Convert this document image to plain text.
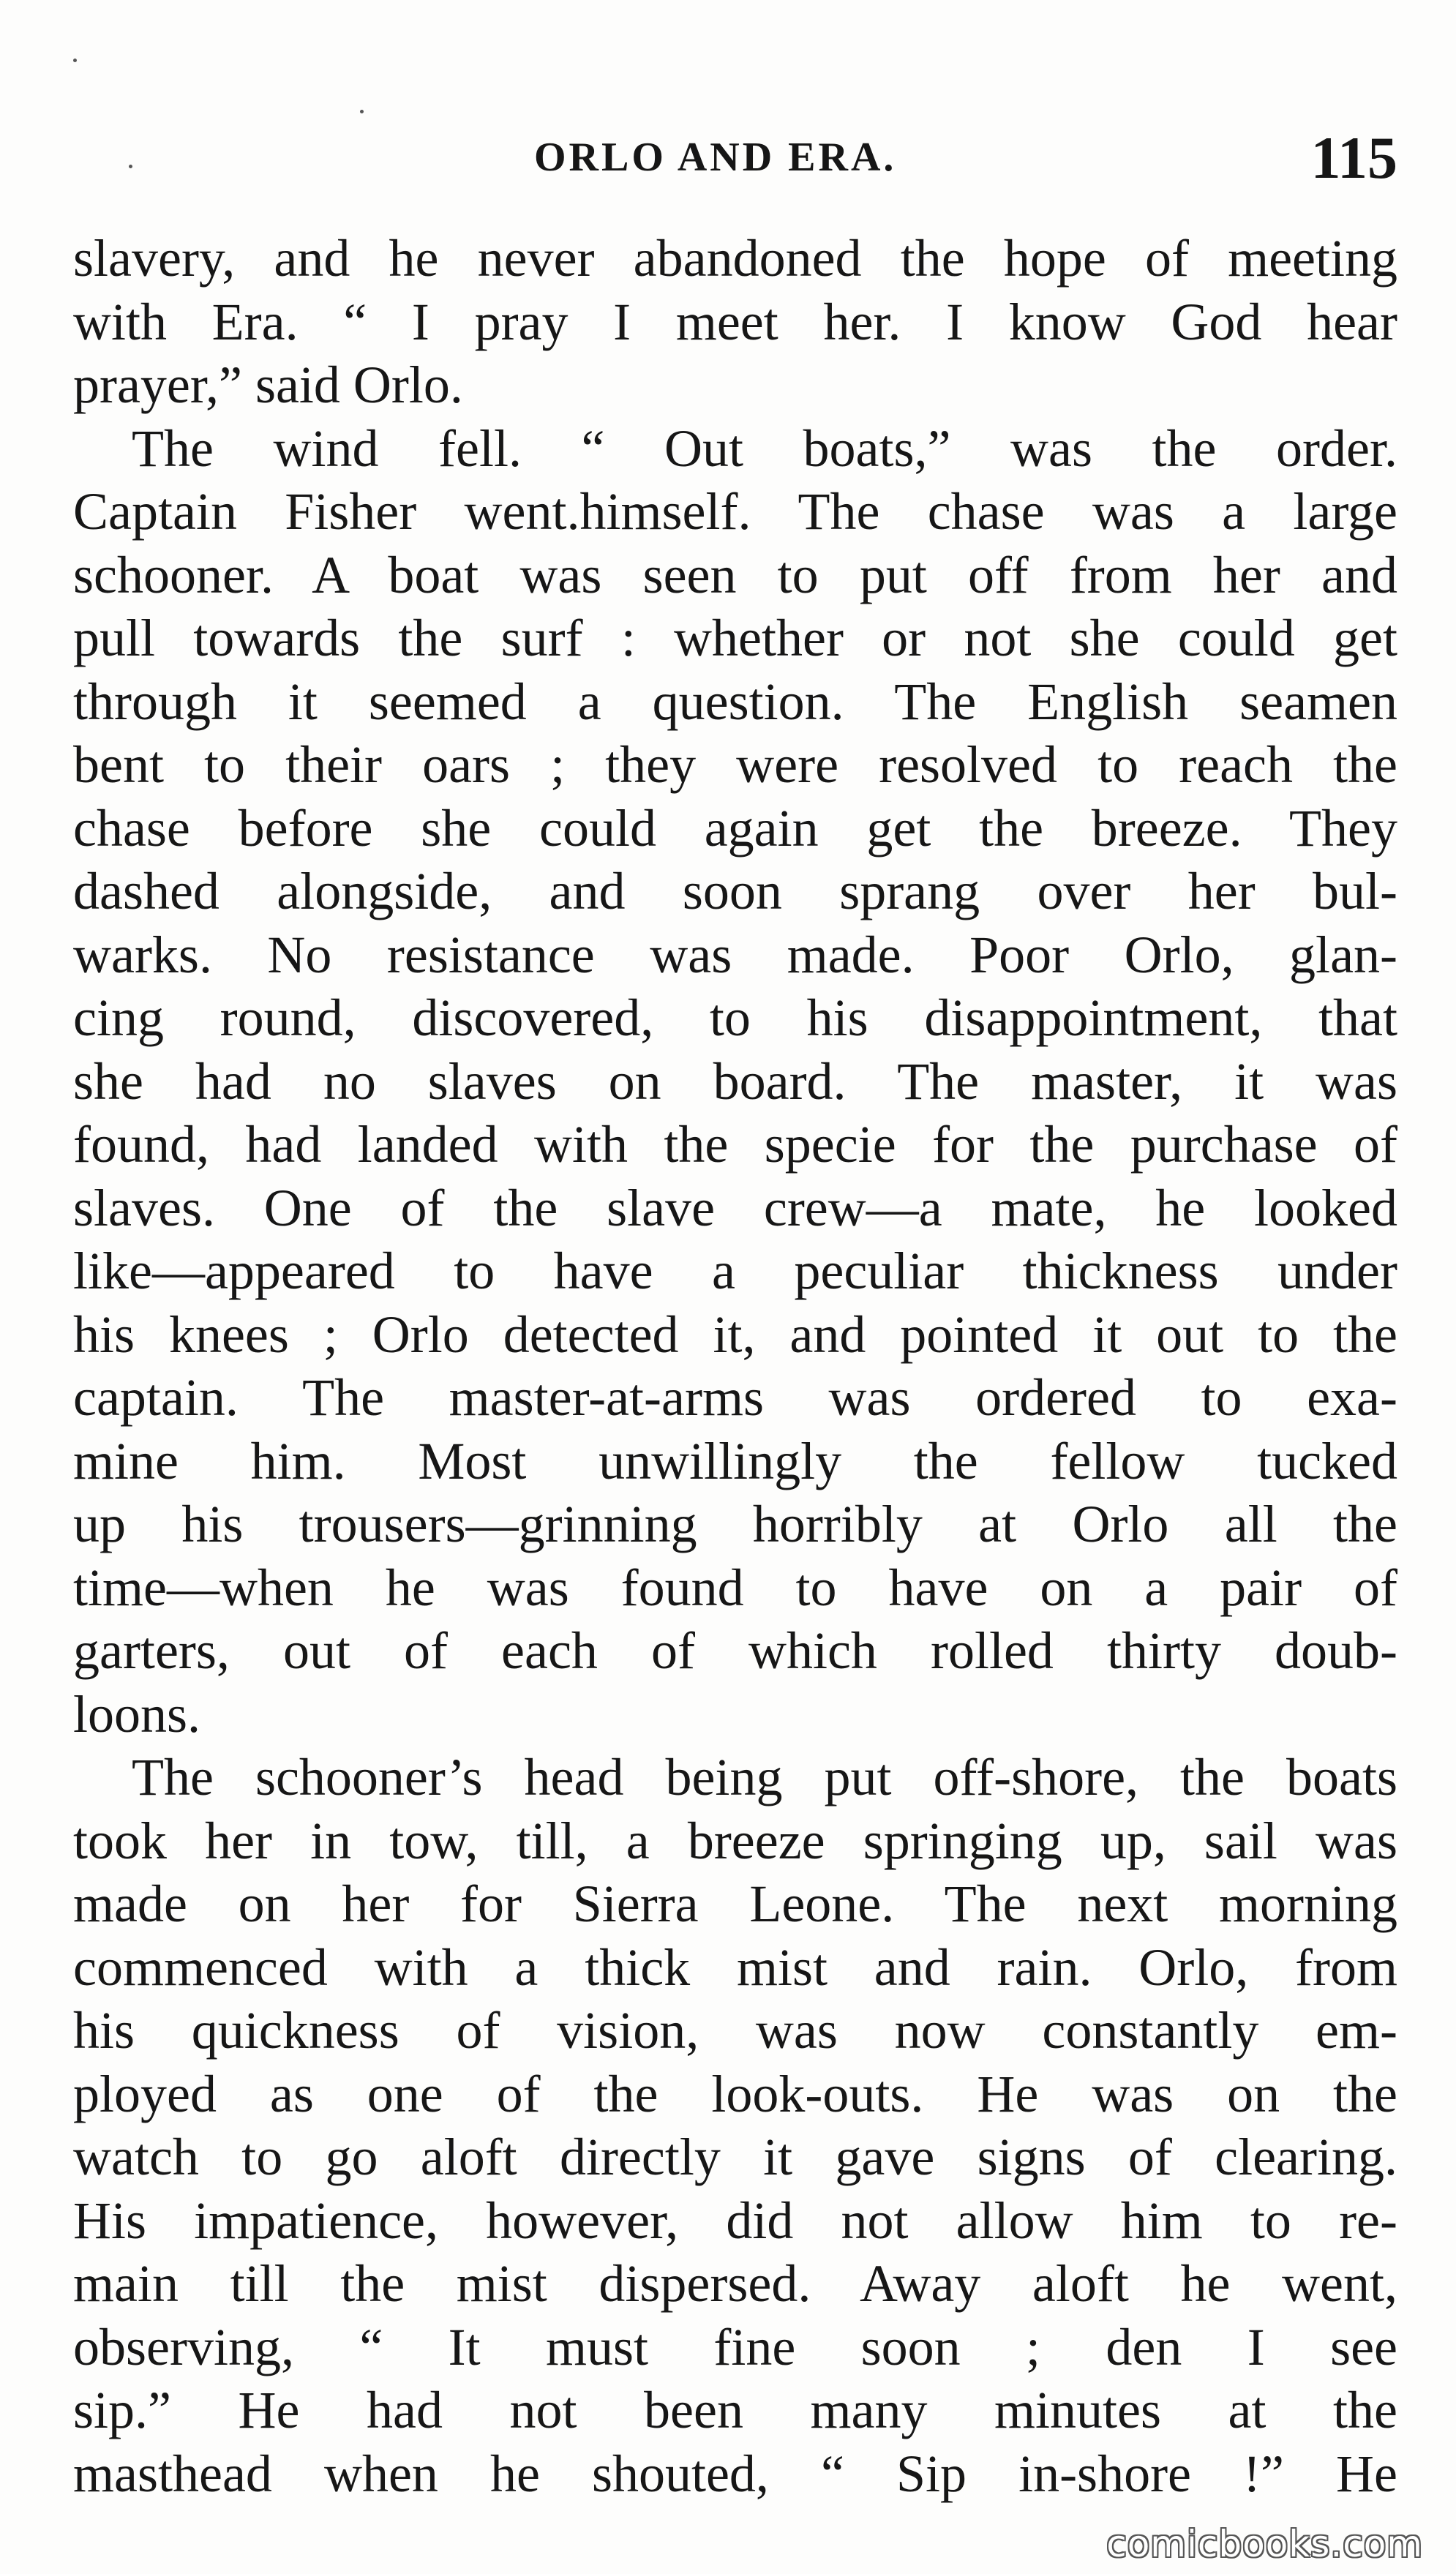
ORLO AND ERA.	115
slavery, and he never abandoned the hope of meeting
with Era. “ I pray I meet her. I know God hear
prayer,” said Orlo.
The wind fell. “ Out boats,” was the order.
Captain Fisher went.himself. The chase was a large
schooner. A boat was seen to put off from her and
pull towards the surf : whether or not she could get
through it seemed a question. The English seamen
bent to their oars ; they were resolved to reach the
chase before she could again get the breeze. They
dashed alongside, and soon sprang over her bul-
warks. No resistance was made. Poor Orlo, glan-
cing round, discovered, to his disappointment, that
she had no slaves on board. The master, it was
found, had landed with the specie for the purchase of
slaves. One of the slave crew—a mate, he looked
like—appeared to have a peculiar thickness under
his knees ; Orlo detected it, and pointed it out to the
captain. The master-at-arms was ordered to exa-
mine him. Most unwillingly the fellow tucked
up his trousers—grinning horribly at Orlo all the
time—when he was found to have on a pair of
garters, out of each of which rolled thirty doub-
loons.
The schooner’s head being put off-shore, the boats
took her in tow, till, a breeze springing up, sail was
made on her for Sierra Leone. The next morning
commenced with a thick mist and rain. Orlo, from
his quickness of vision, was now constantly em-
ployed as one of the look-outs. He was on the
watch to go aloft directly it gave signs of clearing.
His impatience, however, did not allow him to re-
main till the mist dispersed. Away aloft he went,
observing, “ It must fine soon ; den I see
sip.” He had not been many minutes at the
masthead when he shouted, “ Sip in-shore !” He
comicbooks.com
